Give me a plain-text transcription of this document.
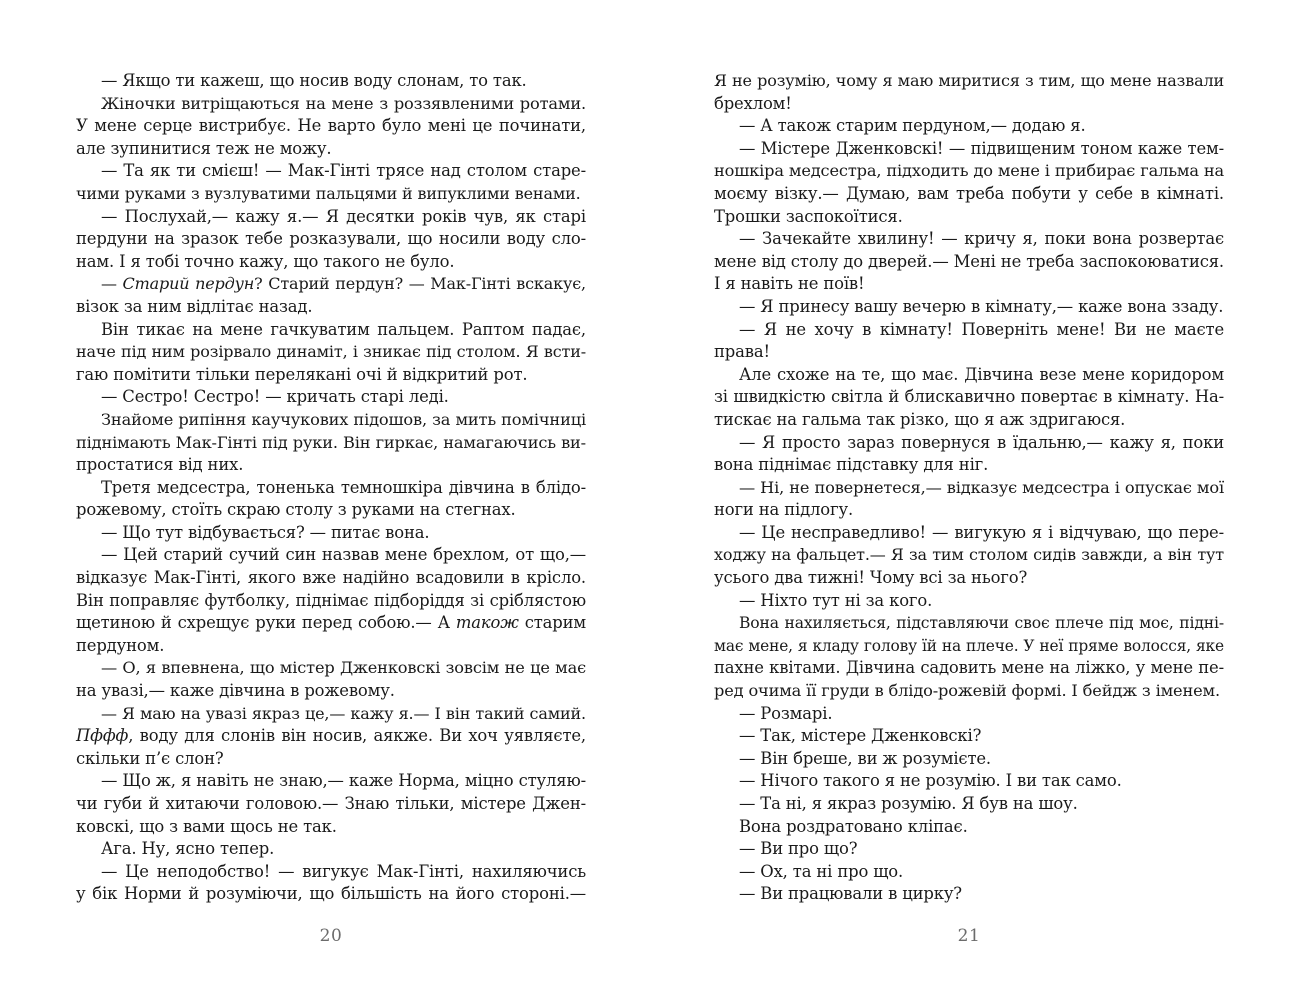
— Якщо ти кажеш, що носив воду слонам, то так.
Жіночки витріщаються на мене з роззявленими ротами.
У мене серце вистрибує. Не варто було мені це починати,
але зупинитися теж не можу.
— Та як ти смієш! — Мак-Гінті трясе над столом старе-
чими руками з вузлуватими пальцями й випуклими венами.
— Послухай,— кажу я.— Я десятки років чув, як старі
пердуни на зразок тебе розказували, що носили воду сло-
нам. І я тобі точно кажу, що такого не було.
— Старий пердун? Старий пердун? — Мак-Гінті вскакує,
візок за ним відлітає назад.
Він тикає на мене гачкуватим пальцем. Раптом падає,
наче під ним розірвало динаміт, і зникає під столом. Я всти-
гаю помітити тільки перелякані очі й відкритий рот.
— Сестро! Сестро! — кричать старі леді.
Знайоме рипіння каучукових підошов, за мить помічниці
піднімають Мак-Гінті під руки. Він гиркає, намагаючись ви-
простатися від них.
Третя медсестра, тоненька темношкіра дівчина в блідо-
рожевому, стоїть скраю столу з руками на стегнах.
— Що тут відбувається? — питає вона.
— Цей старий сучий син назвав мене брехлом, от що,—
відказує Мак-Гінті, якого вже надійно всадовили в крісло.
Він поправляє футболку, піднімає підборіддя зі сріблястою
щетиною й схрещує руки перед собою.— А також старим
пердуном.
— О, я впевнена, що містер Дженковскі зовсім не це має
на увазі,— каже дівчина в рожевому.
— Я маю на увазі якраз це,— кажу я.— І він такий самий.
Пффф, воду для слонів він носив, аякже. Ви хоч уявляєте,
скільки п’є слон?
— Що ж, я навіть не знаю,— каже Норма, міцно стуляю-
чи губи й хитаючи головою.— Знаю тільки, містере Джен-
ковскі, що з вами щось не так.
Ага. Ну, ясно тепер.
— Це неподобство! — вигукує Мак-Гінті, нахиляючись
у бік Норми й розуміючи, що більшість на його стороні.—
20
Я не розумію, чому я маю миритися з тим, що мене назвали
брехлом!
— А також старим пердуном,— додаю я.
— Містере Дженковскі! — підвищеним тоном каже тем-
ношкіра медсестра, підходить до мене і прибирає гальма на
моєму візку.— Думаю, вам треба побути у себе в кімнаті.
Трошки заспокоїтися.
— Зачекайте хвилину! — кричу я, поки вона розвертає
мене від столу до дверей.— Мені не треба заспокоюватися.
І я навіть не поїв!
— Я принесу вашу вечерю в кімнату,— каже вона ззаду.
— Я не хочу в кімнату! Поверніть мене! Ви не маєте
права!
Але схоже на те, що має. Дівчина везе мене коридором
зі швидкістю світла й блискавично повертає в кімнату. На-
тискає на гальма так різко, що я аж здригаюся.
— Я просто зараз повернуся в їдальню,— кажу я, поки
вона піднімає підставку для ніг.
— Ні, не повернетеся,— відказує медсестра і опускає мої
ноги на підлогу.
— Це несправедливо! — вигукую я і відчуваю, що пере-
ходжу на фальцет.— Я за тим столом сидів завжди, а він тут
усього два тижні! Чому всі за нього?
— Ніхто тут ні за кого.
Вона нахиляється, підставляючи своє плече під моє, підні-
має мене, я кладу голову їй на плече. У неї пряме волосся, яке
пахне квітами. Дівчина садовить мене на ліжко, у мене пе-
ред очима її груди в блідо-рожевій формі. І бейдж з іменем.
— Розмарі.
— Так, містере Дженковскі?
— Він бреше, ви ж розумієте.
— Нічого такого я не розумію. І ви так само.
— Та ні, я якраз розумію. Я був на шоу.
Вона роздратовано кліпає.
— Ви про що?
— Ох, та ні про що.
— Ви працювали в цирку?
21
